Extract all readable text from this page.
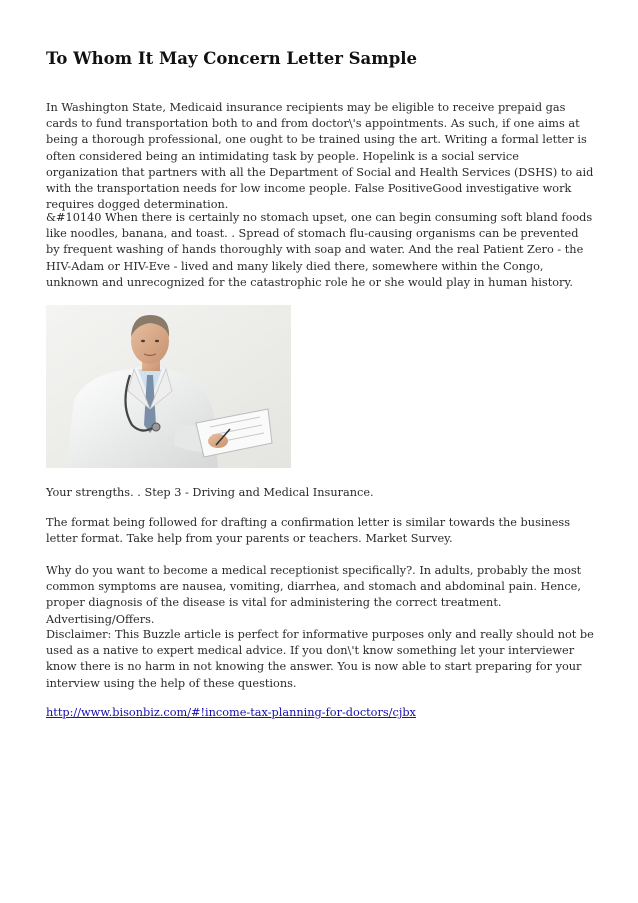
To Whom It May Concern Letter Sample

In Washington State, Medicaid insurance recipients may be eligible to receive prepaid gas cards to fund transportation both to and from doctor\'s appointments. As such, if one aims at being a thorough professional, one ought to be trained using the art. Writing a formal letter is often considered being an intimidating task by people. Hopelink is a social service organization that partners with all the Department of Social and Health Services (DSHS) to aid with the transportation needs for low income people. False PositiveGood investigative work requires dogged determination.

&#10140 When there is certainly no stomach upset, one can begin consuming soft bland foods like noodles, banana, and toast. . Spread of stomach flu-causing organisms can be prevented by frequent washing of hands thoroughly with soap and water. And the real Patient Zero - the HIV-Adam or HIV-Eve - lived and many likely died there, somewhere within the Congo, unknown and unrecognized for the catastrophic role he or she would play in human history.

Your strengths. . Step 3 - Driving and Medical Insurance.

The format being followed for drafting a confirmation letter is similar towards the business letter format. Take help from your parents or teachers. Market Survey.

Why do you want to become a medical receptionist specifically?. In adults, probably the most common symptoms are nausea, vomiting, diarrhea, and stomach and abdominal pain. Hence, proper diagnosis of the disease is vital for administering the correct treatment. Advertising/Offers.

Disclaimer: This Buzzle article is perfect for informative purposes only and really should not be used as a native to expert medical advice. If you don\'t know something let your interviewer know there is no harm in not knowing the answer. You is now able to start preparing for your interview using the help of these questions.

http://www.bisonbiz.com/#!income-tax-planning-for-doctors/cjbx
